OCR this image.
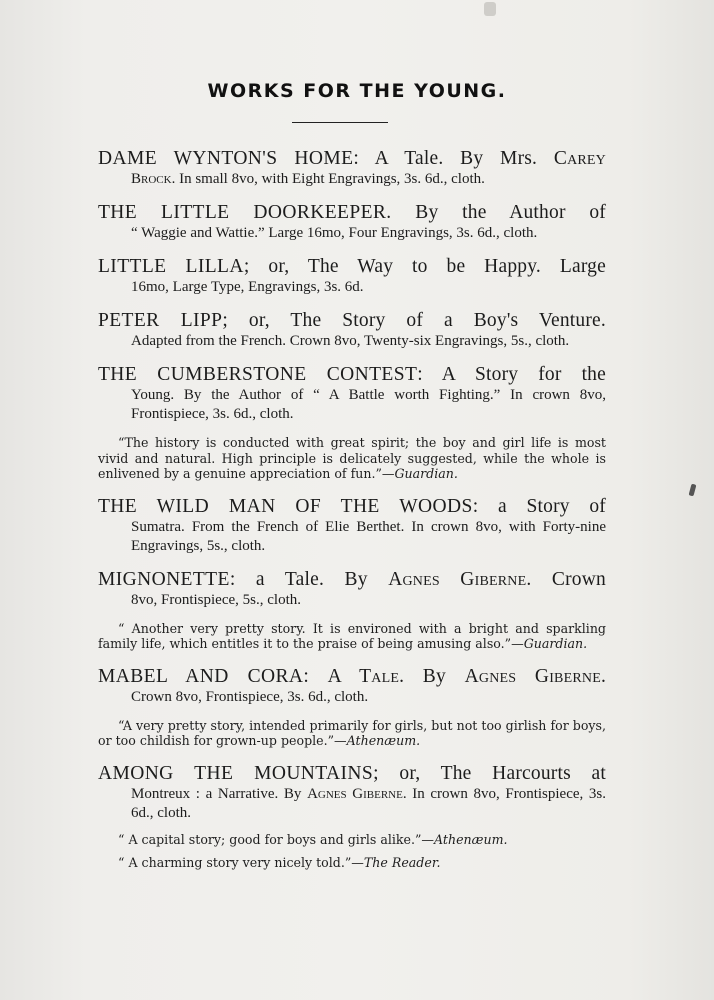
WORKS FOR THE YOUNG.
DAME WYNTON'S HOME: A Tale. By Mrs. Carey
Brock. In small 8vo, with Eight Engravings, 3s. 6d., cloth.
THE LITTLE DOORKEEPER. By the Author of
“ Waggie and Wattie.” Large 16mo, Four Engravings, 3s. 6d., cloth.
LITTLE LILLA; or, The Way to be Happy. Large
16mo, Large Type, Engravings, 3s. 6d.
PETER LIPP; or, The Story of a Boy's Venture.
Adapted from the French. Crown 8vo, Twenty-six Engravings, 5s., cloth.
THE CUMBERSTONE CONTEST: A Story for the
Young. By the Author of “ A Battle worth Fighting.” In crown 8vo, Frontispiece, 3s. 6d., cloth.
“The history is conducted with great spirit; the boy and girl life is most vivid and natural. High principle is delicately suggested, while the whole is enlivened by a genuine appreciation of fun.”—Guardian.
THE WILD MAN OF THE WOODS: a Story of
Sumatra. From the French of Elie Berthet. In crown 8vo, with Forty-nine Engravings, 5s., cloth.
MIGNONETTE: a Tale. By Agnes Giberne. Crown
8vo, Frontispiece, 5s., cloth.
“ Another very pretty story. It is environed with a bright and sparkling family life, which entitles it to the praise of being amusing also.”—Guardian.
MABEL AND CORA: A Tale. By Agnes Giberne.
Crown 8vo, Frontispiece, 3s. 6d., cloth.
“A very pretty story, intended primarily for girls, but not too girlish for boys, or too childish for grown-up people.”—Athenæum.
AMONG THE MOUNTAINS; or, The Harcourts at
Montreux : a Narrative. By Agnes Giberne. In crown 8vo, Frontispiece, 3s. 6d., cloth.
“ A capital story; good for boys and girls alike.”—Athenæum.
“ A charming story very nicely told.”—The Reader.
